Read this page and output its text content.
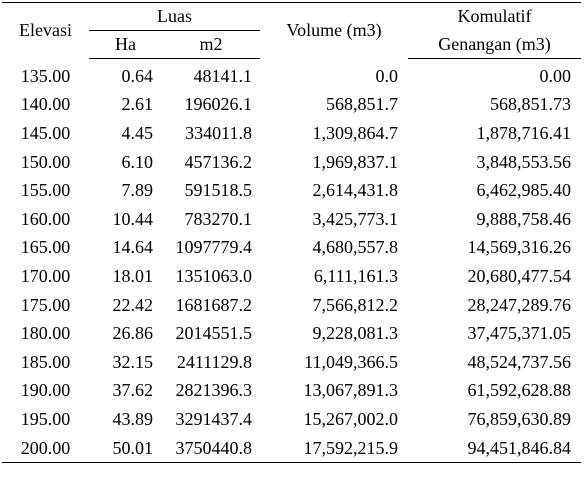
Elevasi	Luas		Volume (m3)	Komulatif
	Ha	m2		Genangan (m3)
135.00	0.64	48141.1	0.0	0.00
140.00	2.61	196026.1	568,851.7	568,851.73
145.00	4.45	334011.8	1,309,864.7	1,878,716.41
150.00	6.10	457136.2	1,969,837.1	3,848,553.56
155.00	7.89	591518.5	2,614,431.8	6,462,985.40
160.00	10.44	783270.1	3,425,773.1	9,888,758.46
165.00	14.64	1097779.4	4,680,557.8	14,569,316.26
170.00	18.01	1351063.0	6,111,161.3	20,680,477.54
175.00	22.42	1681687.2	7,566,812.2	28,247,289.76
180.00	26.86	2014551.5	9,228,081.3	37,475,371.05
185.00	32.15	2411129.8	11,049,366.5	48,524,737.56
190.00	37.62	2821396.3	13,067,891.3	61,592,628.88
195.00	43.89	3291437.4	15,267,002.0	76,859,630.89
200.00	50.01	3750440.8	17,592,215.9	94,451,846.84
